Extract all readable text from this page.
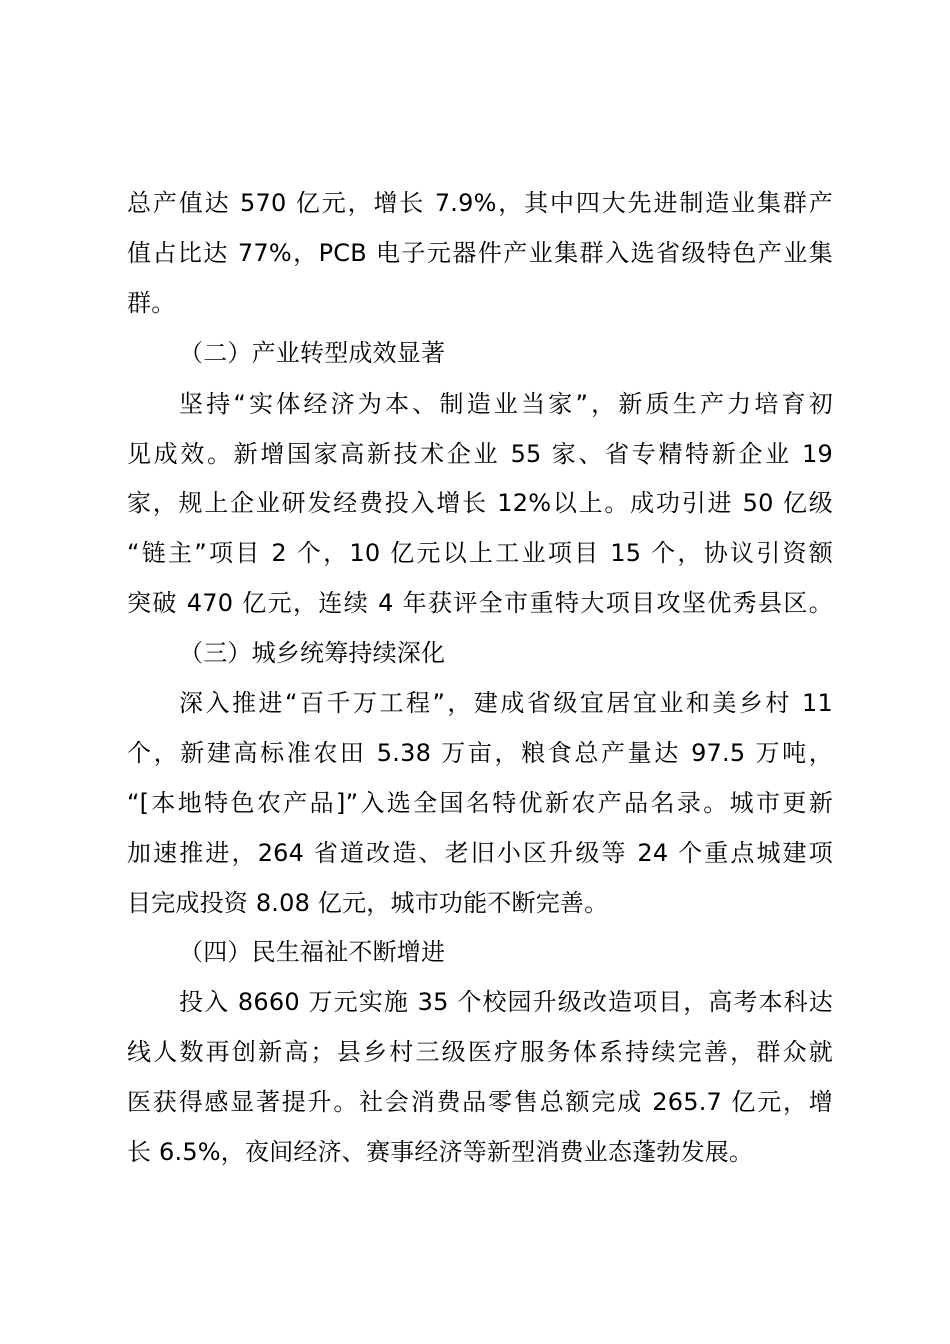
总产值达 570 亿元，增长 7.9%，其中四大先进制造业集群产
值占比达 77%，PCB 电子元器件产业集群入选省级特色产业集
群。
（二）产业转型成效显著
坚持“实体经济为本、制造业当家”，新质生产力培育初
见成效。新增国家高新技术企业 55 家、省专精特新企业 19
家，规上企业研发经费投入增长 12%以上。成功引进 50 亿级
“链主”项目 2 个，10 亿元以上工业项目 15 个，协议引资额
突破 470 亿元，连续 4 年获评全市重特大项目攻坚优秀县区。
（三）城乡统筹持续深化
深入推进“百千万工程”，建成省级宜居宜业和美乡村 11
个，新建高标准农田 5.38 万亩，粮食总产量达 97.5 万吨，
“[本地特色农产品]”入选全国名特优新农产品名录。城市更新
加速推进，264 省道改造、老旧小区升级等 24 个重点城建项
目完成投资 8.08 亿元，城市功能不断完善。
（四）民生福祉不断增进
投入 8660 万元实施 35 个校园升级改造项目，高考本科达
线人数再创新高；县乡村三级医疗服务体系持续完善，群众就
医获得感显著提升。社会消费品零售总额完成 265.7 亿元，增
长 6.5%，夜间经济、赛事经济等新型消费业态蓬勃发展。
